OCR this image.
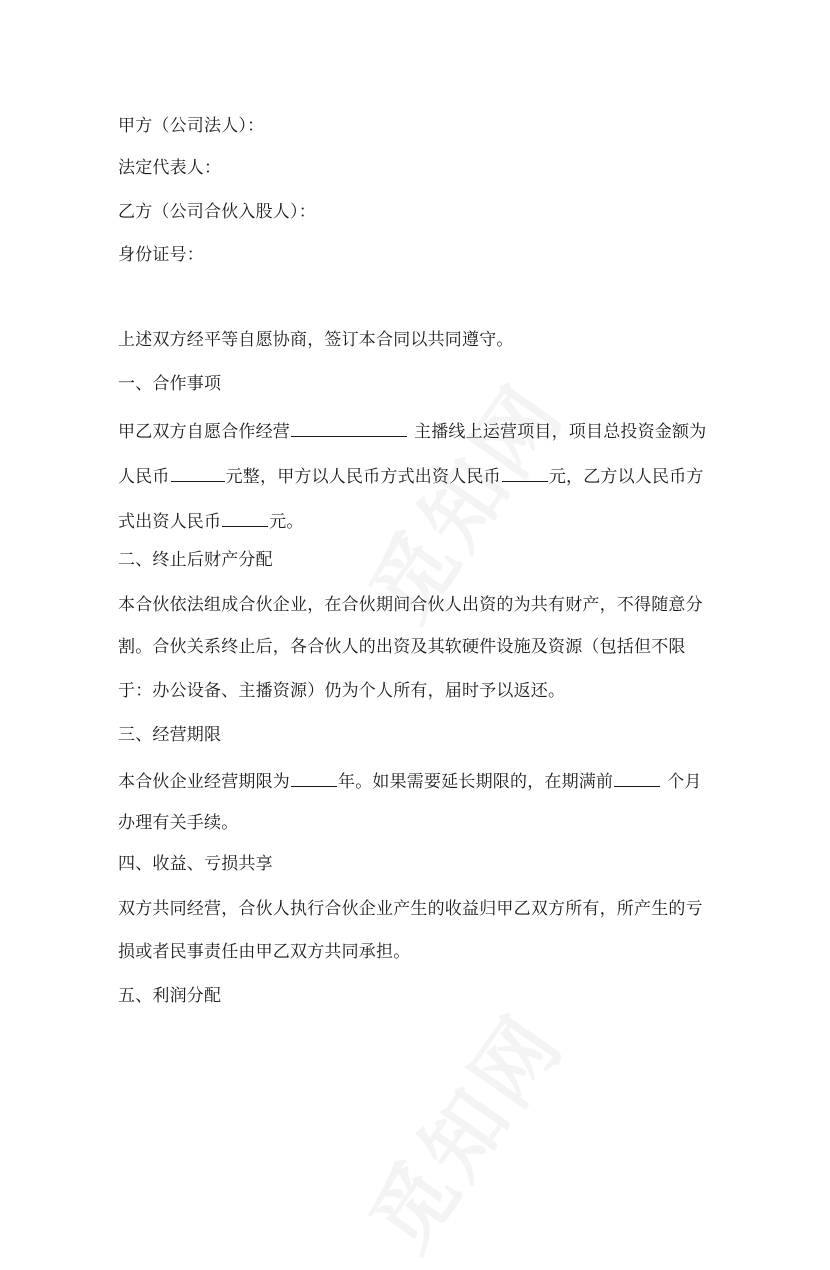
甲方（公司法人）：
法定代表人：
乙方（公司合伙入股人）：
身份证号：
上述双方经平等自愿协商，签订本合同以共同遵守。
一、合作事项
甲乙双方自愿合作经营	主播线上运营项目，项目总投资金额为
人民币	元整，甲方以人民币方式出资人民币	元，乙方以人民币方
式出资人民币	元。
二、终止后财产分配
本合伙依法组成合伙企业，在合伙期间合伙人出资的为共有财产，不得随意分
割。合伙关系终止后，各合伙人的出资及其软硬件设施及资源（包括但不限
于：办公设备、主播资源）仍为个人所有，届时予以返还。
三、经营期限
本合伙企业经营期限为	年。如果需要延长期限的，在期满前	个月
办理有关手续。
四、收益、亏损共享
双方共同经营，合伙人执行合伙企业产生的收益归甲乙双方所有，所产生的亏
损或者民事责任由甲乙双方共同承担。
五、利润分配
